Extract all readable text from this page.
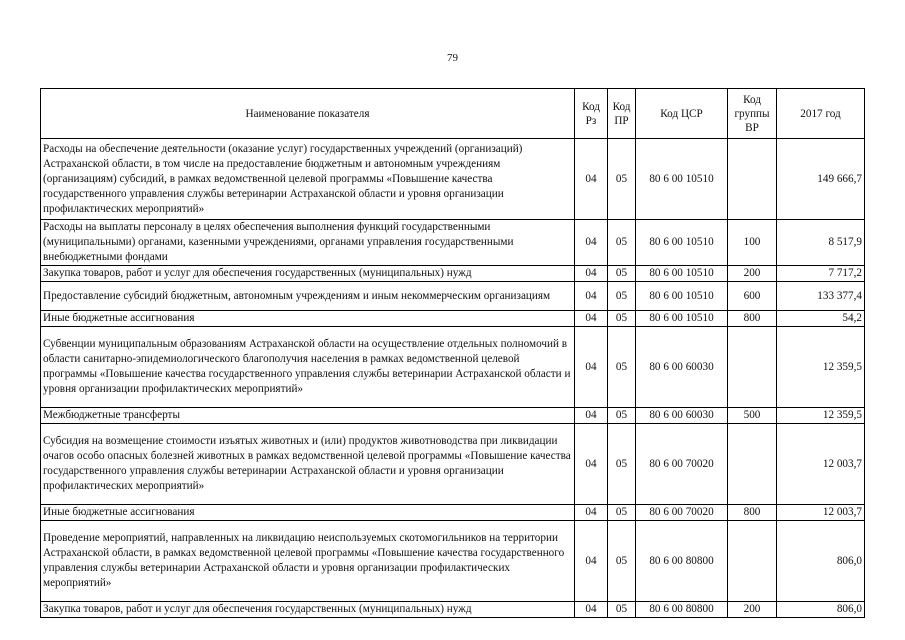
79
Наименование показателя	Код Рз	Код ПР	Код ЦСР	Код группы ВР	2017 год
Расходы на обеспечение деятельности (оказание услуг) государственных учреждений (организаций) Астраханской области, в том числе на предоставление бюджетным и автономным учреждениям (организациям) субсидий, в рамках ведомственной целевой программы «Повышение качества государственного управления службы ветеринарии Астраханской области и уровня организации профилактических мероприятий»	04	05	80 6 00 10510		149 666,7
Расходы на выплаты персоналу в целях обеспечения выполнения функций государственными (муниципальными) органами, казенными учреждениями, органами управления государственными внебюджетными фондами	04	05	80 6 00 10510	100	8 517,9
Закупка товаров, работ и услуг для обеспечения государственных (муниципальных) нужд	04	05	80 6 00 10510	200	7 717,2
Предоставление субсидий бюджетным, автономным учреждениям и иным некоммерческим организациям	04	05	80 6 00 10510	600	133 377,4
Иные бюджетные ассигнования	04	05	80 6 00 10510	800	54,2
Субвенции муниципальным образованиям Астраханской области на осуществление отдельных полномочий в области санитарно-эпидемиологического благополучия населения в рамках ведомственной целевой программы «Повышение качества государственного управления службы ветеринарии Астраханской области и уровня организации профилактических мероприятий»	04	05	80 6 00 60030		12 359,5
Межбюджетные трансферты	04	05	80 6 00 60030	500	12 359,5
Субсидия на возмещение стоимости изъятых животных и (или) продуктов животноводства при ликвидации очагов особо опасных болезней животных в рамках ведомственной целевой программы «Повышение качества государственного управления службы ветеринарии Астраханской области и уровня организации профилактических мероприятий»	04	05	80 6 00 70020		12 003,7
Иные бюджетные ассигнования	04	05	80 6 00 70020	800	12 003,7
Проведение мероприятий, направленных на ликвидацию неиспользуемых скотомогильников на территории Астраханской области, в рамках ведомственной целевой программы «Повышение качества государственного управления службы ветеринарии Астраханской области и уровня организации профилактических мероприятий»	04	05	80 6 00 80800		806,0
Закупка товаров, работ и услуг для обеспечения государственных (муниципальных) нужд	04	05	80 6 00 80800	200	806,0
